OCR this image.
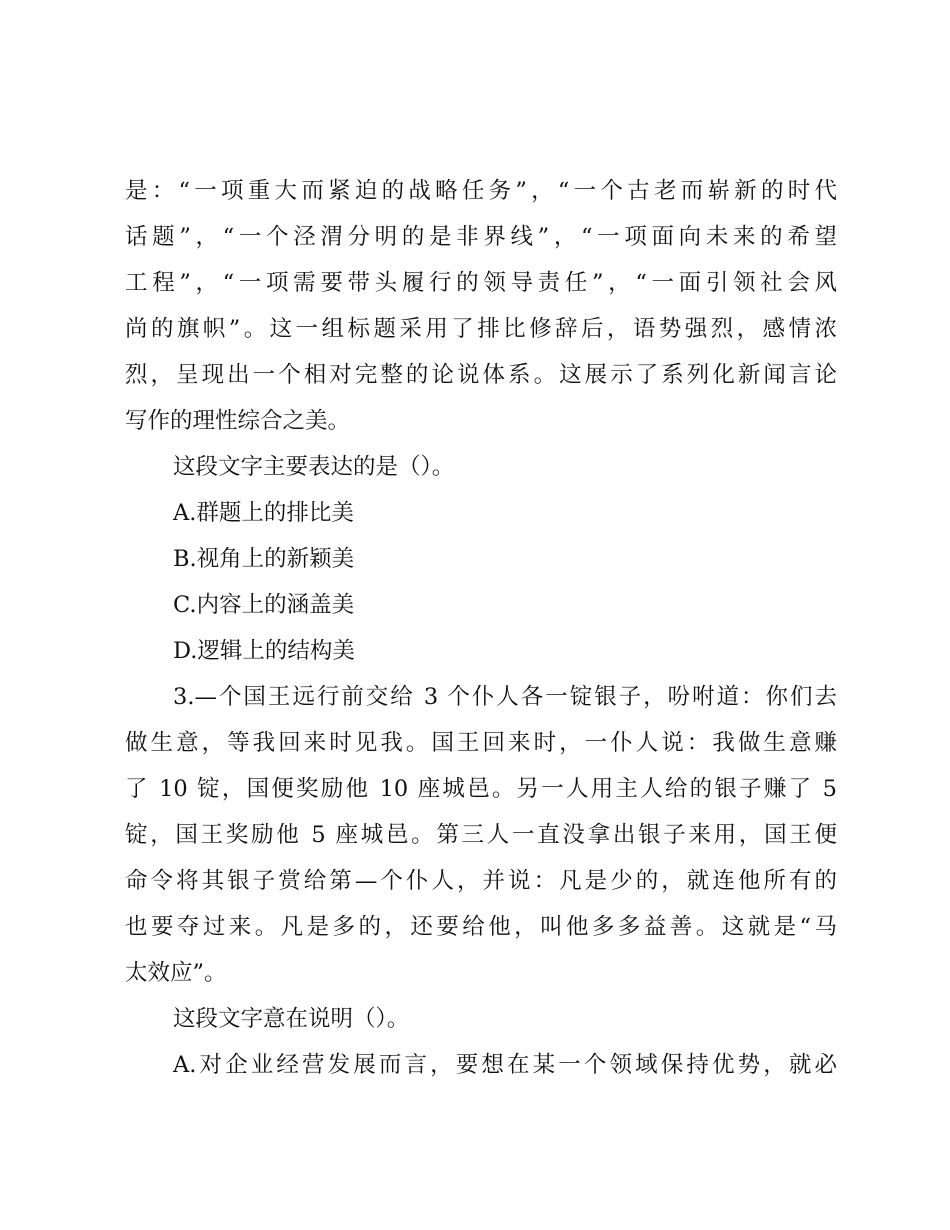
是：“一项重大而紧迫的战略任务”，“一个古老而崭新的时代
话题”，“一个泾渭分明的是非界线”，“一项面向未来的希望
工程”，“一项需要带头履行的领导责任”，“一面引领社会风
尚的旗帜”。这一组标题采用了排比修辞后，语势强烈，感情浓
烈，呈现出一个相对完整的论说体系。这展示了系列化新闻言论
写作的理性综合之美。
这段文字主要表达的是（）。
A.群题上的排比美
B.视角上的新颖美
C.内容上的涵盖美
D.逻辑上的结构美
3.—个国王远行前交给 3 个仆人各一锭银子，吩咐道：你们去
做生意，等我回来时见我。国王回来时，一仆人说：我做生意赚
了 10 锭，国便奖励他 10 座城邑。另一人用主人给的银子赚了 5
锭，国王奖励他 5 座城邑。第三人一直没拿出银子来用，国王便
命令将其银子赏给第—个仆人，并说：凡是少的，就连他所有的
也要夺过来。凡是多的，还要给他，叫他多多益善。这就是“马
太效应”。
这段文字意在说明（）。
A.对企业经营发展而言，要想在某一个领域保持优势，就必
